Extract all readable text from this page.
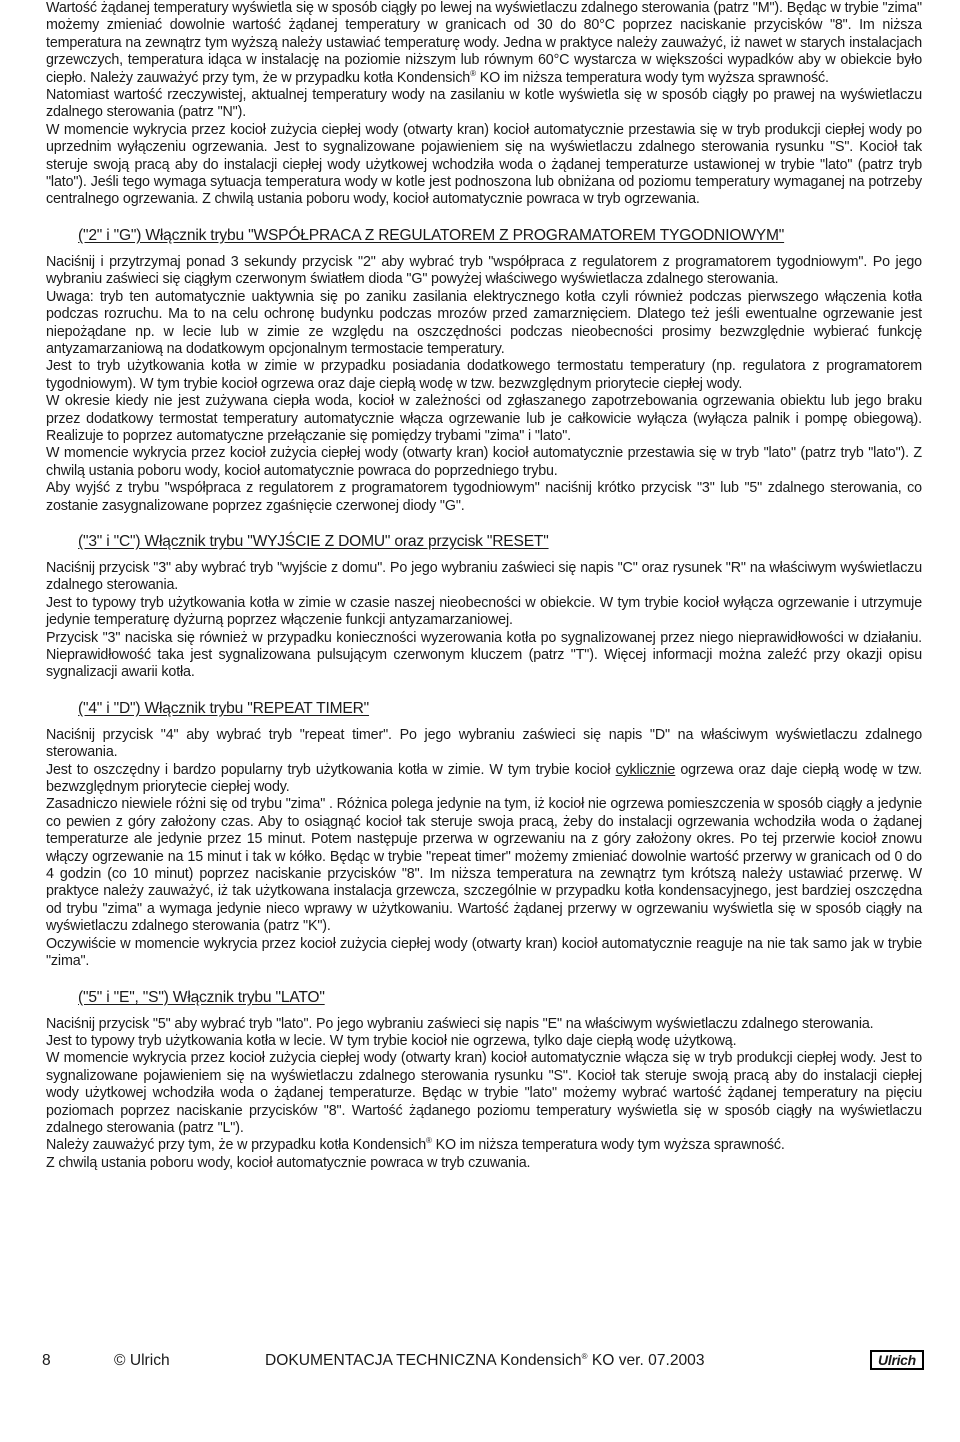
Wartość żądanej temperatury wyświetla się w sposób ciągły po lewej na wyświetlaczu zdalnego sterowania (patrz "M"). Będąc w trybie "zima" możemy zmieniać dowolnie wartość żądanej temperatury w granicach od 30 do 80°C poprzez naciskanie przycisków "8". Im niższa temperatura na zewnątrz tym wyższą należy ustawiać temperaturę wody. Jedna w praktyce należy zauważyć, iż nawet w starych instalacjach grzewczych, temperatura idąca w instalację na poziomie niższym lub równym 60°C wystarcza w większości wypadków aby w obiekcie było ciepło. Należy zauważyć przy tym, że w przypadku kotła Kondensich® KO im niższa temperatura wody tym wyższa sprawność.

Natomiast wartość rzeczywistej, aktualnej temperatury wody na zasilaniu w kotle wyświetla się w sposób ciągły po prawej na wyświetlaczu zdalnego sterowania (patrz "N").

W momencie wykrycia przez kocioł zużycia ciepłej wody (otwarty kran) kocioł automatycznie przestawia się w tryb produkcji ciepłej wody po uprzednim wyłączeniu ogrzewania. Jest to sygnalizowane pojawieniem się na wyświetlaczu zdalnego sterowania rysunku "S". Kocioł tak steruje swoją pracą aby do instalacji ciepłej wody użytkowej wchodziła woda o żądanej temperaturze ustawionej w trybie "lato" (patrz tryb "lato"). Jeśli tego wymaga sytuacja temperatura wody w kotle jest podnoszona lub obniżana od poziomu temperatury wymaganej na potrzeby centralnego ogrzewania. Z chwilą ustania poboru wody, kocioł automatycznie powraca w tryb ogrzewania.

("2" i "G") Włącznik trybu "WSPÓŁPRACA Z REGULATOREM Z PROGRAMATOREM TYGODNIOWYM"

Naciśnij i przytrzymaj ponad 3 sekundy przycisk "2" aby wybrać tryb "współpraca z regulatorem z programatorem tygodniowym". Po jego wybraniu zaświeci się ciągłym czerwonym światłem dioda "G" powyżej właściwego wyświetlacza zdalnego sterowania.

Uwaga: tryb ten automatycznie uaktywnia się po zaniku zasilania elektrycznego kotła czyli również podczas pierwszego włączenia kotła podczas rozruchu. Ma to na celu ochronę budynku podczas mrozów przed zamarznięciem. Dlatego też jeśli ewentualne ogrzewanie jest niepożądane np. w lecie lub w zimie ze względu na oszczędności podczas nieobecności prosimy bezwzględnie wybierać funkcję antyzamarzaniową na dodatkowym opcjonalnym termostacie temperatury.

Jest to tryb użytkowania kotła w zimie w przypadku posiadania dodatkowego termostatu temperatury (np. regulatora z programatorem tygodniowym). W tym trybie kocioł ogrzewa oraz daje ciepłą wodę w tzw. bezwzględnym priorytecie ciepłej wody.

W okresie kiedy nie jest zużywana ciepła woda, kocioł w zależności od zgłaszanego zapotrzebowania ogrzewania obiektu lub jego braku przez dodatkowy termostat temperatury automatycznie włącza ogrzewanie lub je całkowicie wyłącza (wyłącza palnik i pompę obiegową). Realizuje to poprzez automatyczne przełączanie się pomiędzy trybami "zima" i "lato".

W momencie wykrycia przez kocioł zużycia ciepłej wody (otwarty kran) kocioł automatycznie przestawia się w tryb "lato" (patrz tryb "lato"). Z chwilą ustania poboru wody, kocioł automatycznie powraca do poprzedniego trybu.

Aby wyjść z trybu "współpraca z regulatorem z programatorem tygodniowym" naciśnij krótko przycisk "3" lub "5" zdalnego sterowania, co zostanie zasygnalizowane poprzez zgaśnięcie czerwonej diody "G".

("3" i "C") Włącznik trybu "WYJŚCIE Z DOMU" oraz przycisk "RESET"

Naciśnij przycisk "3" aby wybrać tryb "wyjście z domu". Po jego wybraniu zaświeci się napis "C" oraz rysunek "R" na właściwym wyświetlaczu zdalnego sterowania.

Jest to typowy tryb użytkowania kotła w zimie w czasie naszej nieobecności w obiekcie. W tym trybie kocioł wyłącza ogrzewanie i utrzymuje jedynie temperaturę dyżurną poprzez włączenie funkcji antyzamarzaniowej.

Przycisk "3" naciska się również w przypadku konieczności wyzerowania kotła po sygnalizowanej przez niego nieprawidłowości w działaniu. Nieprawidłowość taka jest sygnalizowana pulsującym czerwonym kluczem (patrz "T"). Więcej informacji można zaleźć przy okazji opisu sygnalizacji awarii kotła.

("4" i "D") Włącznik trybu "REPEAT TIMER"

Naciśnij przycisk "4" aby wybrać tryb "repeat timer". Po jego wybraniu zaświeci się napis "D" na właściwym wyświetlaczu zdalnego sterowania.

Jest to oszczędny i bardzo popularny tryb użytkowania kotła w zimie. W tym trybie kocioł cyklicznie ogrzewa oraz daje ciepłą wodę w tzw. bezwzględnym priorytecie ciepłej wody.

Zasadniczo niewiele różni się od trybu "zima" . Różnica polega jedynie na tym, iż kocioł nie ogrzewa pomieszczenia w sposób ciągły a jedynie co pewien z góry założony czas. Aby to osiągnąć kocioł tak steruje swoja pracą, żeby do instalacji ogrzewania wchodziła woda o żądanej temperaturze ale jedynie przez 15 minut. Potem następuje przerwa w ogrzewaniu na z góry założony okres. Po tej przerwie kocioł znowu włączy ogrzewanie na 15 minut i tak w kółko. Będąc w trybie "repeat timer" możemy zmieniać dowolnie wartość przerwy w granicach od 0 do 4 godzin (co 10 minut) poprzez naciskanie przycisków "8". Im niższa temperatura na zewnątrz tym krótszą należy ustawiać przerwę. W praktyce należy zauważyć, iż tak użytkowana instalacja grzewcza, szczególnie w przypadku kotła kondensacyjnego, jest bardziej oszczędna od trybu "zima" a wymaga jedynie nieco wprawy w użytkowaniu. Wartość żądanej przerwy w ogrzewaniu wyświetla się w sposób ciągły na wyświetlaczu zdalnego sterowania (patrz "K").

Oczywiście w momencie wykrycia przez kocioł zużycia ciepłej wody (otwarty kran) kocioł automatycznie reaguje na nie tak samo jak w trybie "zima".

("5" i "E", "S") Włącznik trybu "LATO"

Naciśnij przycisk "5" aby wybrać tryb "lato". Po jego wybraniu zaświeci się napis "E" na właściwym wyświetlaczu zdalnego sterowania.

Jest to typowy tryb użytkowania kotła w lecie. W tym trybie kocioł nie ogrzewa, tylko daje ciepłą wodę użytkową.

W momencie wykrycia przez kocioł zużycia ciepłej wody (otwarty kran) kocioł automatycznie włącza się w tryb produkcji ciepłej wody. Jest to sygnalizowane pojawieniem się na wyświetlaczu zdalnego sterowania rysunku "S". Kocioł tak steruje swoją pracą aby do instalacji ciepłej wody użytkowej wchodziła woda o żądanej temperaturze. Będąc w trybie "lato" możemy wybrać wartość żądanej temperatury na pięciu poziomach poprzez naciskanie przycisków "8". Wartość żądanego poziomu temperatury wyświetla się w sposób ciągły na wyświetlaczu zdalnego sterowania (patrz "L").

Należy zauważyć przy tym, że w przypadku kotła Kondensich® KO im niższa temperatura wody tym wyższa sprawność.

Z chwilą ustania poboru wody, kocioł automatycznie powraca w tryb czuwania.

8	© Ulrich	DOKUMENTACJA TECHNICZNA Kondensich® KO ver. 07.2003	Ulrich
